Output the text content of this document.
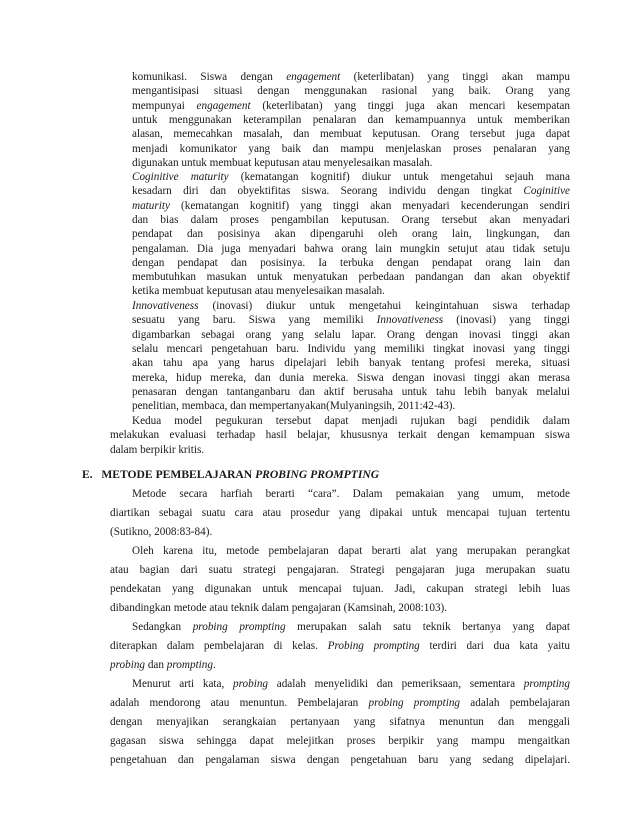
komunikasi. Siswa dengan engagement (keterlibatan) yang tinggi akan mampu
mengantisipasi situasi dengan menggunakan rasional yang baik. Orang yang
mempunyai engagement (keterlibatan) yang tinggi juga akan mencari kesempatan
untuk menggunakan keterampilan penalaran dan kemampuannya untuk memberikan
alasan, memecahkan masalah, dan membuat keputusan. Orang tersebut juga dapat
menjadi komunikator yang baik dan mampu menjelaskan proses penalaran yang
digunakan untuk membuat keputusan atau menyelesaikan masalah.
Coginitive maturity (kematangan kognitif) diukur untuk mengetahui sejauh mana
kesadarn diri dan obyektifitas siswa. Seorang individu dengan tingkat Coginitive
maturity (kematangan kognitif) yang tinggi akan menyadari kecenderungan sendiri
dan bias dalam proses pengambilan keputusan. Orang tersebut akan menyadari
pendapat dan posisinya akan dipengaruhi oleh orang lain, lingkungan, dan
pengalaman. Dia juga menyadari bahwa orang lain mungkin setujut atau tidak setuju
dengan pendapat dan posisinya. Ia terbuka dengan pendapat orang lain dan
membutuhkan masukan untuk menyatukan perbedaan pandangan dan akan obyektif
ketika membuat keputusan atau menyelesaikan masalah.
Innovativeness (inovasi) diukur untuk mengetahui keingintahuan siswa terhadap
sesuatu yang baru. Siswa yang memiliki Innovativeness (inovasi) yang tinggi
digambarkan sebagai orang yang selalu lapar. Orang dengan inovasi tinggi akan
selalu mencari pengetahuan baru. Individu yang memiliki tingkat inovasi yang tinggi
akan tahu apa yang harus dipelajari lebih banyak tentang profesi mereka, situasi
mereka, hidup mereka, dan dunia mereka. Siswa dengan inovasi tinggi akan merasa
penasaran dengan tantanganbaru dan aktif berusaha untuk tahu lebih banyak melalui
penelitian, membaca, dan mempertanyakan(Mulyaningsih, 2011:42-43).
Kedua model pegukuran tersebut dapat menjadi rujukan bagi pendidik dalam
melakukan evaluasi terhadap hasil belajar, khususnya terkait dengan kemampuan siswa
dalam berpikir kritis.
E. METODE PEMBELAJARAN PROBING PROMPTING
Metode secara harfiah berarti “cara”. Dalam pemakaian yang umum, metode
diartikan sebagai suatu cara atau prosedur yang dipakai untuk mencapai tujuan tertentu
(Sutikno, 2008:83-84).
Oleh karena itu, metode pembelajaran dapat berarti alat yang merupakan perangkat
atau bagian dari suatu strategi pengajaran. Strategi pengajaran juga merupakan suatu
pendekatan yang digunakan untuk mencapai tujuan. Jadi, cakupan strategi lebih luas
dibandingkan metode atau teknik dalam pengajaran (Kamsinah, 2008:103).
Sedangkan probing prompting merupakan salah satu teknik bertanya yang dapat
diterapkan dalam pembelajaran di kelas. Probing prompting terdiri dari dua kata yaitu
probing dan prompting.
Menurut arti kata, probing adalah menyelidiki dan pemeriksaan, sementara prompting
adalah mendorong atau menuntun. Pembelajaran probing prompting adalah pembelajaran
dengan menyajikan serangkaian pertanyaan yang sifatnya menuntun dan menggali
gagasan siswa sehingga dapat melejitkan proses berpikir yang mampu mengaitkan
pengetahuan dan pengalaman siswa dengan pengetahuan baru yang sedang dipelajari.
